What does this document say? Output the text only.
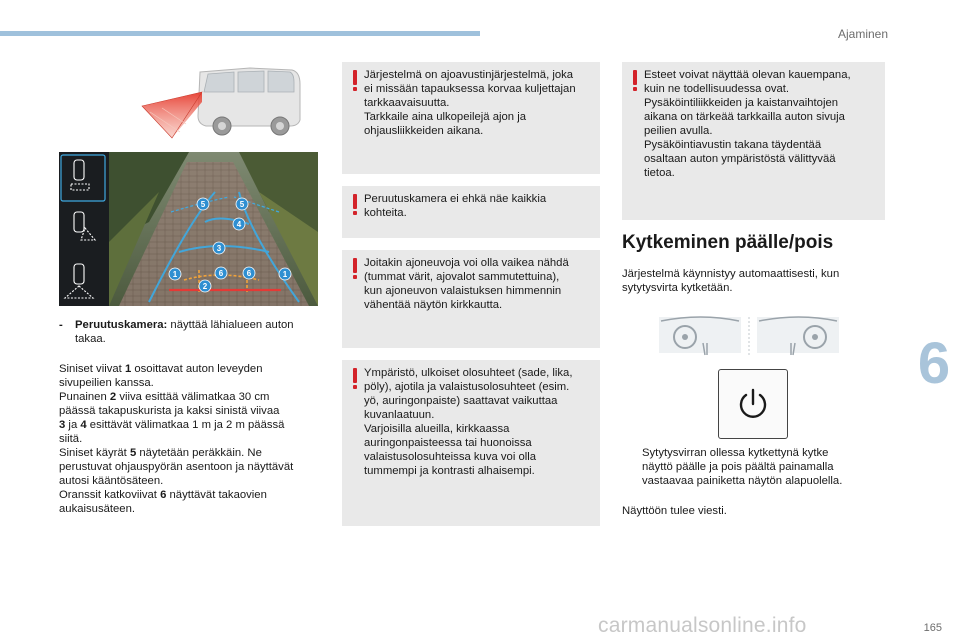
Ajaminen
6
5	5
4
3
1	6	6	1
2
- Peruutuskamera: näyttää lähialueen auton
takaa.
Siniset viivat 1 osoittavat auton leveyden
sivupeilien kanssa.
Punainen 2 viiva esittää välimatkaa 30 cm
päässä takapuskurista ja kaksi sinistä viivaa
3 ja 4 esittävät välimatkaa 1 m ja 2 m päässä
siitä.
Siniset käyrät 5 näytetään peräkkäin. Ne
perustuvat ohjauspyörän asentoon ja näyttävät
autosi kääntösäteen.
Oranssit katkoviivat 6 näyttävät takaovien
aukaisusäteen.
Järjestelmä on ajoavustinjärjestelmä, joka
ei missään tapauksessa korvaa kuljettajan
tarkkaavaisuutta.
Tarkkaile aina ulkopeilejä ajon ja
ohjausliikkeiden aikana.
Peruutuskamera ei ehkä näe kaikkia
kohteita.
Joitakin ajoneuvoja voi olla vaikea nähdä
(tummat värit, ajovalot sammutettuina),
kun ajoneuvon valaistuksen himmennin
vähentää näytön kirkkautta.
Ympäristö, ulkoiset olosuhteet (sade, lika,
pöly), ajotila ja valaistusolosuhteet (esim.
yö, auringonpaiste) saattavat vaikuttaa
kuvanlaatuun.
Varjoisilla alueilla, kirkkaassa
auringonpaisteessa tai huonoissa
valaistusolosuhteissa kuva voi olla
tummempi ja kontrasti alhaisempi.
Esteet voivat näyttää olevan kauempana,
kuin ne todellisuudessa ovat.
Pysäköintiliikkeiden ja kaistanvaihtojen
aikana on tärkeää tarkkailla auton sivuja
peilien avulla.
Pysäköintiavustin takana täydentää
osaltaan auton ympäristöstä välittyvää
tietoa.
Kytkeminen päälle/pois
Järjestelmä käynnistyy automaattisesti, kun
sytytysvirta kytketään.
Sytytysvirran ollessa kytkettynä kytke
näyttö päälle ja pois päältä painamalla
vastaavaa painiketta näytön alapuolella.
Näyttöön tulee viesti.
carmanualsonline.info	165
